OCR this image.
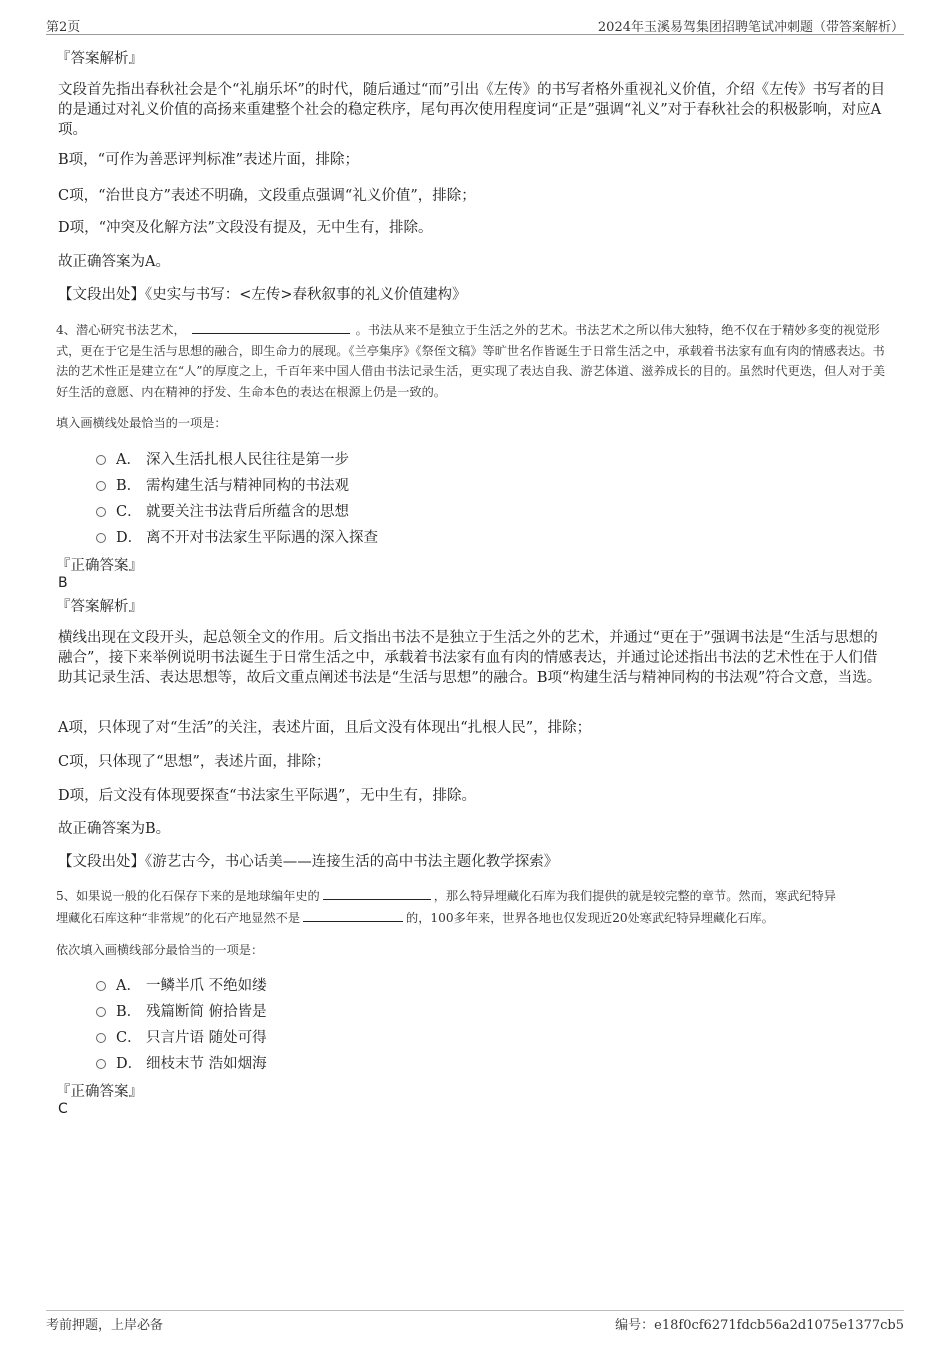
第2页	2024年玉溪易驾集团招聘笔试冲刺题（带答案解析）
『答案解析』
文段首先指出春秋社会是个“礼崩乐坏”的时代，随后通过“而”引出《左传》的书写者格外重视礼义价值，介绍《左传》书写者的目的是通过对礼义价值的高扬来重建整个社会的稳定秩序，尾句再次使用程度词“正是”强调“礼义”对于春秋社会的积极影响，对应A项。
B项，“可作为善恶评判标准”表述片面，排除；
C项，“治世良方”表述不明确，文段重点强调“礼义价值”，排除；
D项，“冲突及化解方法”文段没有提及，无中生有，排除。
故正确答案为A。
【文段出处】《史实与书写：<左传>春秋叙事的礼义价值建构》
4、潜心研究书法艺术，	。书法从来不是独立于生活之外的艺术。书法艺术之所以伟大独特，绝不仅在于精妙多变的视觉形式，更在于它是生活与思想的融合，即生命力的展现。《兰亭集序》《祭侄文稿》等旷世名作皆诞生于日常生活之中，承载着书法家有血有肉的情感表达。书法的艺术性正是建立在“人”的厚度之上，千百年来中国人借由书法记录生活，更实现了表达自我、游艺体道、滋养成长的目的。虽然时代更迭，但人对于美好生活的意愿、内在精神的抒发、生命本色的表达在根源上仍是一致的。
填入画横线处最恰当的一项是：
A． 深入生活扎根人民往往是第一步
B． 需构建生活与精神同构的书法观
C． 就要关注书法背后所蕴含的思想
D． 离不开对书法家生平际遇的深入探查
『正确答案』
B
『答案解析』
横线出现在文段开头，起总领全文的作用。后文指出书法不是独立于生活之外的艺术，并通过“更在于”强调书法是“生活与思想的融合”，接下来举例说明书法诞生于日常生活之中，承载着书法家有血有肉的情感表达，并通过论述指出书法的艺术性在于人们借助其记录生活、表达思想等，故后文重点阐述书法是“生活与思想”的融合。B项“构建生活与精神同构的书法观”符合文意，当选。
A项，只体现了对“生活”的关注，表述片面，且后文没有体现出“扎根人民”，排除；
C项，只体现了“思想”，表述片面，排除；
D项，后文没有体现要探查“书法家生平际遇”，无中生有，排除。
故正确答案为B。
【文段出处】《游艺古今，书心话美——连接生活的高中书法主题化教学探索》
5、如果说一般的化石保存下来的是地球编年史的	，那么特异埋藏化石库为我们提供的就是较完整的章节。然而，寒武纪特异
埋藏化石库这种“非常规”的化石产地显然不是	的，100多年来，世界各地也仅发现近20处寒武纪特异埋藏化石库。
依次填入画横线部分最恰当的一项是：
A． 一鳞半爪 不绝如缕
B． 残篇断简 俯拾皆是
C． 只言片语 随处可得
D． 细枝末节 浩如烟海
『正确答案』
C
考前押题，上岸必备	编号：e18f0cf6271fdcb56a2d1075e1377cb5
